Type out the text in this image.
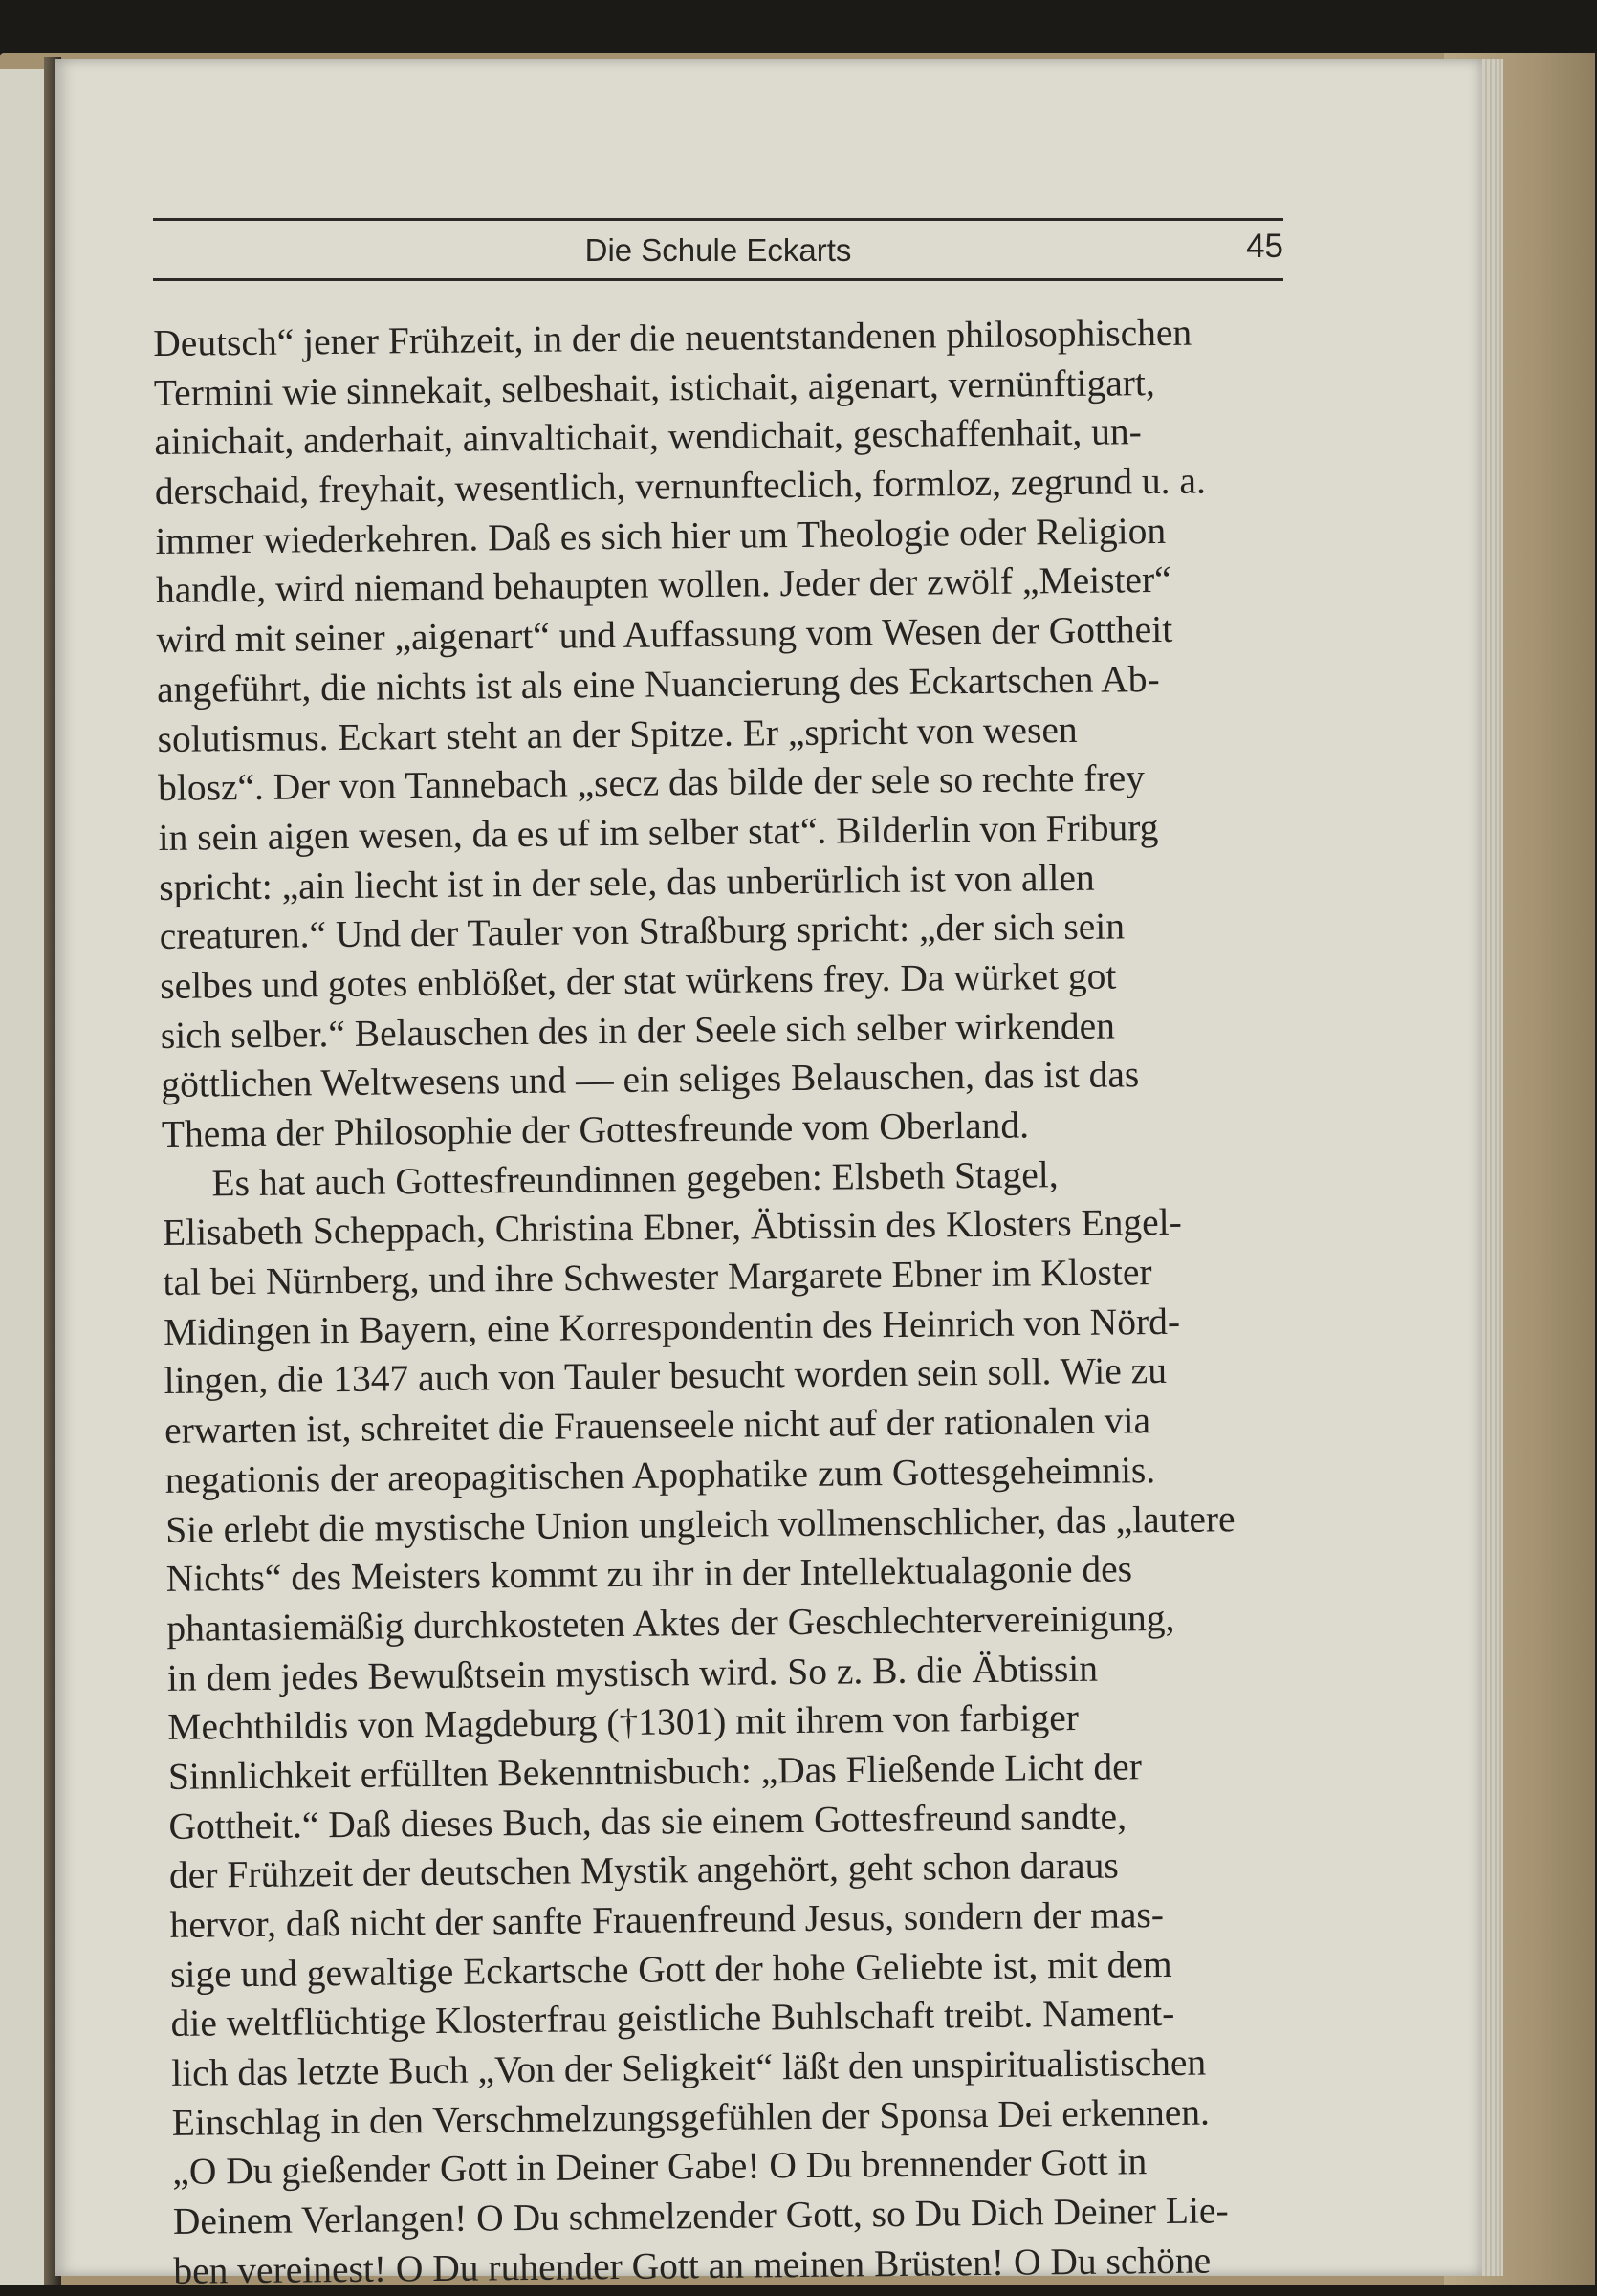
Die Schule Eckarts	45
Deutsch“ jener Frühzeit, in der die neuentstandenen philosophischen
Termini wie sinnekait, selbeshait, istichait, aigenart, vernünftigart,
ainichait, anderhait, ainvaltichait, wendichait, geschaffenhait, un-
derschaid, freyhait, wesentlich, vernunfteclich, formloz, zegrund u. a.
immer wiederkehren. Daß es sich hier um Theologie oder Religion
handle, wird niemand behaupten wollen. Jeder der zwölf „Meister“
wird mit seiner „aigenart“ und Auffassung vom Wesen der Gottheit
angeführt, die nichts ist als eine Nuancierung des Eckartschen Ab-
solutismus. Eckart steht an der Spitze. Er „spricht von wesen
blosz“. Der von Tannebach „secz das bilde der sele so rechte frey
in sein aigen wesen, da es uf im selber stat“. Bilderlin von Friburg
spricht: „ain liecht ist in der sele, das unberürlich ist von allen
creaturen.“ Und der Tauler von Straßburg spricht: „der sich sein
selbes und gotes enblößet, der stat würkens frey. Da würket got
sich selber.“ Belauschen des in der Seele sich selber wirkenden
göttlichen Weltwesens und — ein seliges Belauschen, das ist das
Thema der Philosophie der Gottesfreunde vom Oberland.
Es hat auch Gottesfreundinnen gegeben: Elsbeth Stagel,
Elisabeth Scheppach, Christina Ebner, Äbtissin des Klosters Engel-
tal bei Nürnberg, und ihre Schwester Margarete Ebner im Kloster
Midingen in Bayern, eine Korrespondentin des Heinrich von Nörd-
lingen, die 1347 auch von Tauler besucht worden sein soll. Wie zu
erwarten ist, schreitet die Frauenseele nicht auf der rationalen via
negationis der areopagitischen Apophatike zum Gottesgeheimnis.
Sie erlebt die mystische Union ungleich vollmenschlicher, das „lautere
Nichts“ des Meisters kommt zu ihr in der Intellektualagonie des
phantasiemäßig durchkosteten Aktes der Geschlechtervereinigung,
in dem jedes Bewußtsein mystisch wird. So z. B. die Äbtissin
Mechthildis von Magdeburg (†1301) mit ihrem von farbiger
Sinnlichkeit erfüllten Bekenntnisbuch: „Das Fließende Licht der
Gottheit.“ Daß dieses Buch, das sie einem Gottesfreund sandte,
der Frühzeit der deutschen Mystik angehört, geht schon daraus
hervor, daß nicht der sanfte Frauenfreund Jesus, sondern der mas-
sige und gewaltige Eckartsche Gott der hohe Geliebte ist, mit dem
die weltflüchtige Klosterfrau geistliche Buhlschaft treibt. Nament-
lich das letzte Buch „Von der Seligkeit“ läßt den unspiritualistischen
Einschlag in den Verschmelzungsgefühlen der Sponsa Dei erkennen.
„O Du gießender Gott in Deiner Gabe! O Du brennender Gott in
Deinem Verlangen! O Du schmelzender Gott, so Du Dich Deiner Lie-
ben vereinest! O Du ruhender Gott an meinen Brüsten! O Du schöne
